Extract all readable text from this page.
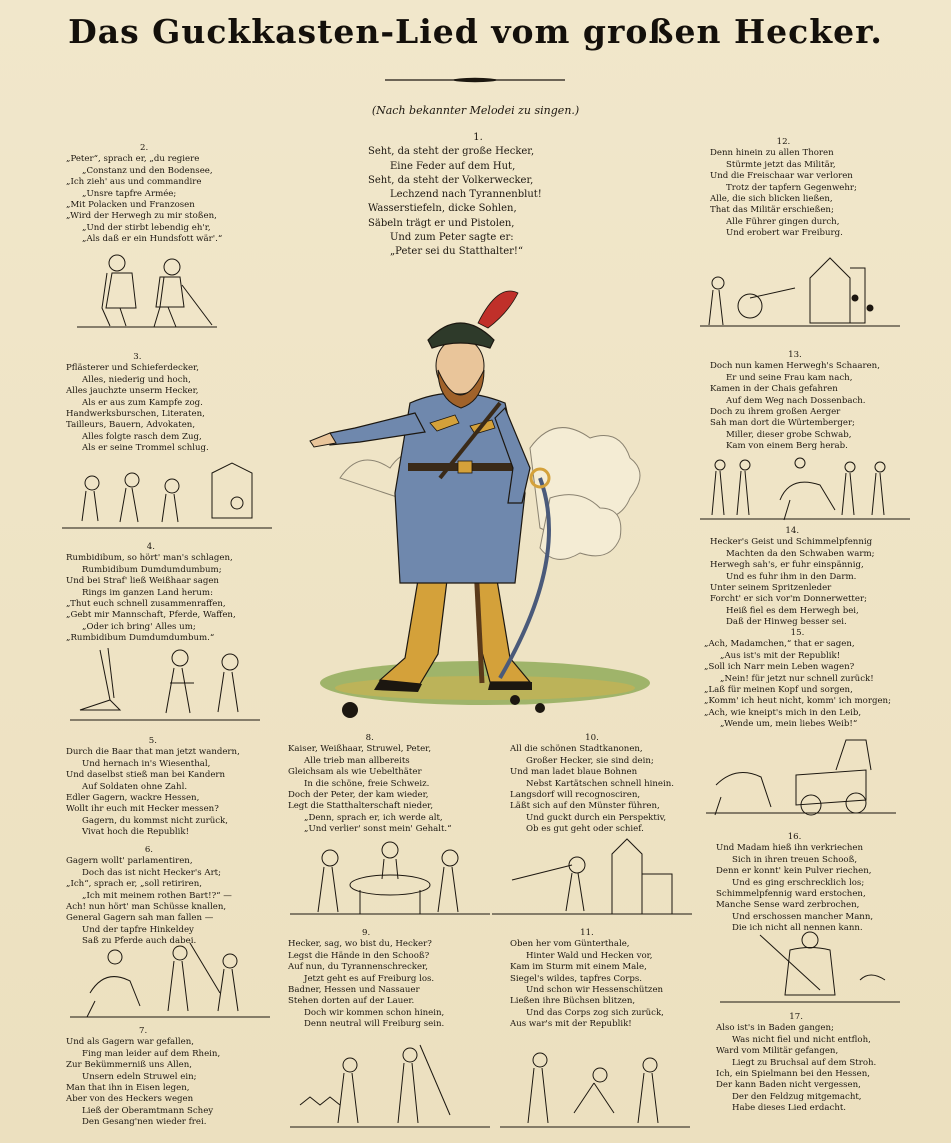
Das Guckkasten-Lied vom großen Hecker.
(Nach bekannter Melodei zu singen.)
1.
Seht, da steht der große Hecker,
Eine Feder auf dem Hut,
Seht, da steht der Volkerwecker,
Lechzend nach Tyrannenblut!
Wasserstiefeln, dicke Sohlen,
Säbeln trägt er und Pistolen,
Und zum Peter sagte er:
„Peter sei du Statthalter!“
2.
„Peter“, sprach er, „du regiere
„Constanz und den Bodensee,
„Ich zieh' aus und commandire
„Unsre tapfre Armée;
„Mit Polacken und Franzosen
„Wird der Herwegh zu mir stoßen,
„Und der stirbt lebendig eh'r,
„Als daß er ein Hundsfott wär'.“
3.
Pflästerer und Schieferdecker,
Alles, niederig und hoch,
Alles jauchzte unserm Hecker,
Als er aus zum Kampfe zog.
Handwerksburschen, Literaten,
Tailleurs, Bauern, Advokaten,
Alles folgte rasch dem Zug,
Als er seine Trommel schlug.
4.
Rumbidibum, so hört' man's schlagen,
Rumbidibum Dumdumdumbum;
Und bei Straf' ließ Weißhaar sagen
Rings im ganzen Land herum:
„Thut euch schnell zusammenraffen,
„Gebt mir Mannschaft, Pferde, Waffen,
„Oder ich bring' Alles um;
„Rumbidibum Dumdumdumbum.“
5.
Durch die Baar that man jetzt wandern,
Und hernach in's Wiesenthal,
Und daselbst stieß man bei Kandern
Auf Soldaten ohne Zahl.
Edler Gagern, wackre Hessen,
Wollt ihr euch mit Hecker messen?
Gagern, du kommst nicht zurück,
Vivat hoch die Republik!
6.
Gagern wollt' parlamentiren,
Doch das ist nicht Hecker's Art;
„Ich“, sprach er, „soll retiriren,
„Ich mit meinem rothen Bart!?“ —
Ach! nun hört' man Schüsse knallen,
General Gagern sah man fallen —
Und der tapfre Hinkeldey
Saß zu Pferde auch dabei.
7.
Und als Gagern war gefallen,
Fing man leider auf dem Rhein,
Zur Bekümmerniß uns Allen,
Unsern edeln Struwel ein;
Man that ihn in Eisen legen,
Aber von des Heckers wegen
Ließ der Oberamtmann Schey
Den Gesang'nen wieder frei.
8.
Kaiser, Weißhaar, Struwel, Peter,
Alle trieb man allbereits
Gleichsam als wie Uebelthäter
In die schöne, freie Schweiz.
Doch der Peter, der kam wieder,
Legt die Statthalterschaft nieder,
„Denn, sprach er, ich werde alt,
„Und verlier' sonst mein' Gehalt.“
9.
Hecker, sag, wo bist du, Hecker?
Legst die Hände in den Schooß?
Auf nun, du Tyrannenschrecker,
Jetzt geht es auf Freiburg los.
Badner, Hessen und Nassauer
Stehen dorten auf der Lauer.
Doch wir kommen schon hinein,
Denn neutral will Freiburg sein.
10.
All die schönen Stadtkanonen,
Großer Hecker, sie sind dein;
Und man ladet blaue Bohnen
Nebst Kartätschen schnell hinein.
Langsdorf will recognosciren,
Läßt sich auf den Münster führen,
Und guckt durch ein Perspektiv,
Ob es gut geht oder schief.
11.
Oben her vom Günterthale,
Hinter Wald und Hecken vor,
Kam im Sturm mit einem Male,
Siegel's wildes, tapfres Corps.
Und schon wir Hessenschützen
Ließen ihre Büchsen blitzen,
Und das Corps zog sich zurück,
Aus war's mit der Republik!
12.
Denn hinein zu allen Thoren
Stürmte jetzt das Militär,
Und die Freischaar war verloren
Trotz der tapfern Gegenwehr;
Alle, die sich blicken ließen,
That das Militär erschießen;
Alle Führer gingen durch,
Und erobert war Freiburg.
13.
Doch nun kamen Herwegh's Schaaren,
Er und seine Frau kam nach,
Kamen in der Chais gefahren
Auf dem Weg nach Dossenbach.
Doch zu ihrem großen Aerger
Sah man dort die Würtemberger;
Miller, dieser grobe Schwab,
Kam von einem Berg herab.
14.
Hecker's Geist und Schimmelpfennig
Machten da den Schwaben warm;
Herwegh sah's, er fuhr einspännig,
Und es fuhr ihm in den Darm.
Unter seinem Spritzenleder
Forcht' er sich vor'm Donnerwetter;
Heiß fiel es dem Herwegh bei,
Daß der Hinweg besser sei.
15.
„Ach, Madamchen,“ that er sagen,
„Aus ist's mit der Republik!
„Soll ich Narr mein Leben wagen?
„Nein! für jetzt nur schnell zurück!
„Laß für meinen Kopf und sorgen,
„Komm' ich heut nicht, komm' ich morgen;
„Ach, wie kneipt's mich in den Leib,
„Wende um, mein liebes Weib!“
16.
Und Madam hieß ihn verkriechen
Sich in ihren treuen Schooß,
Denn er konnt' kein Pulver riechen,
Und es ging erschrecklich los;
Schimmelpfennig ward erstochen,
Manche Sense ward zerbrochen,
Und erschossen mancher Mann,
Die ich nicht all nennen kann.
17.
Also ist's in Baden gangen;
Was nicht fiel und nicht entfloh,
Ward vom Militär gefangen,
Liegt zu Bruchsal auf dem Stroh.
Ich, ein Spielmann bei den Hessen,
Der kann Baden nicht vergessen,
Der den Feldzug mitgemacht,
Habe dieses Lied erdacht.
